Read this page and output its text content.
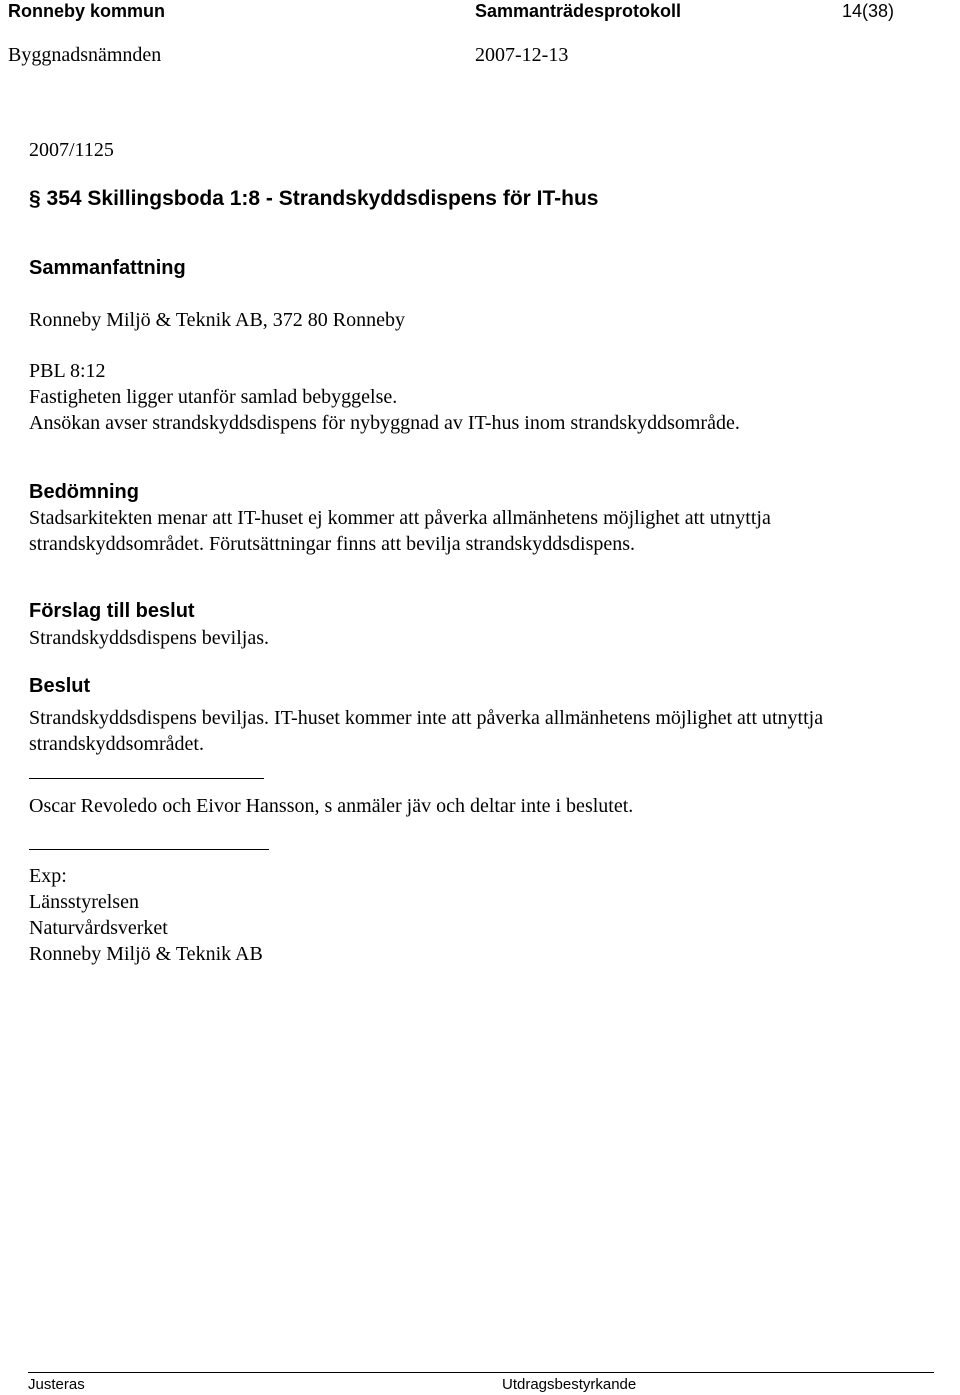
Ronneby kommun	Sammanträdesprotokoll	14(38)
Byggnadsnämnden	2007-12-13
2007/1125
§ 354 Skillingsboda 1:8 - Strandskyddsdispens för IT-hus
Sammanfattning
Ronneby Miljö & Teknik AB, 372 80 Ronneby
PBL 8:12
Fastigheten ligger utanför samlad bebyggelse.
Ansökan avser strandskyddsdispens för nybyggnad av IT-hus inom strandskyddsområde.
Bedömning
Stadsarkitekten menar att IT-huset ej kommer att påverka allmänhetens möjlighet att utnyttja
strandskyddsområdet. Förutsättningar finns att bevilja strandskyddsdispens.
Förslag till beslut
Strandskyddsdispens beviljas.
Beslut
Strandskyddsdispens beviljas. IT-huset kommer inte att påverka allmänhetens möjlighet att utnyttja
strandskyddsområdet.
Oscar Revoledo och Eivor Hansson, s anmäler jäv och deltar inte i beslutet.
Exp:
Länsstyrelsen
Naturvårdsverket
Ronneby Miljö & Teknik AB
Justeras	Utdragsbestyrkande
